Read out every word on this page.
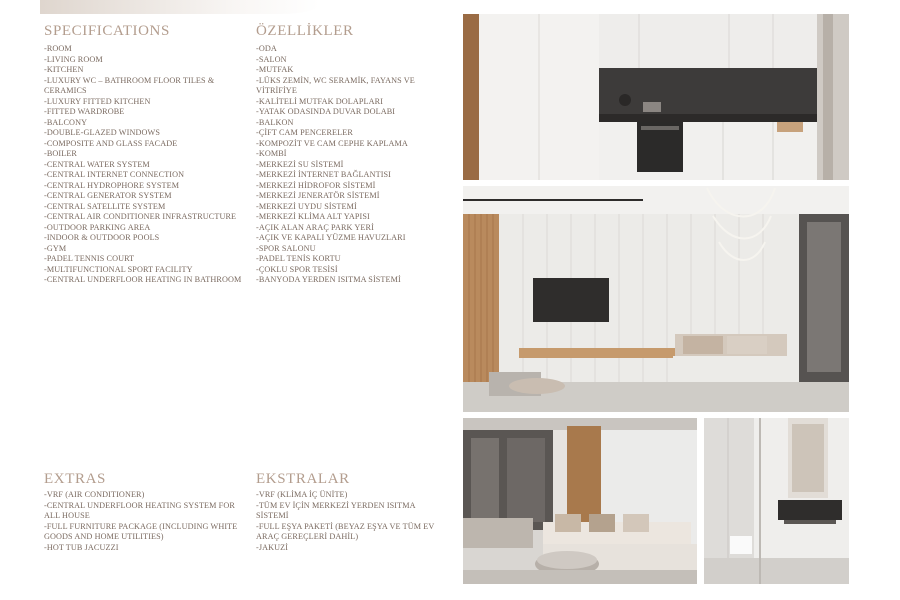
SPECIFICATIONS
-ROOM
-LIVING ROOM
-KITCHEN
-LUXURY WC – BATHROOM FLOOR TILES & CERAMICS
-LUXURY FITTED KITCHEN
-FITTED WARDROBE
-BALCONY
-DOUBLE-GLAZED WINDOWS
-COMPOSITE AND GLASS FACADE
-BOILER
-CENTRAL WATER SYSTEM
-CENTRAL INTERNET CONNECTION
-CENTRAL HYDROPHORE SYSTEM
-CENTRAL GENERATOR SYSTEM
-CENTRAL SATELLITE SYSTEM
-CENTRAL AIR CONDITIONER INFRASTRUCTURE
-OUTDOOR PARKING AREA
-INDOOR & OUTDOOR POOLS
-GYM
-PADEL TENNIS COURT
-MULTIFUNCTIONAL SPORT FACILITY
-CENTRAL UNDERFLOOR HEATING IN BATHROOM
ÖZELLİKLER
-ODA
-SALON
-MUTFAK
-LÜKS ZEMİN, WC SERAMİK, FAYANS VE VİTRİFİYE
-KALİTELİ MUTFAK DOLAPLARI
-YATAK ODASINDA DUVAR DOLABI
-BALKON
-ÇİFT CAM PENCERELER
-KOMPOZİT VE CAM CEPHE KAPLAMA
-KOMBİ
-MERKEZİ SU SİSTEMİ
-MERKEZİ İNTERNET BAĞLANTISI
-MERKEZİ HİDROFOR SİSTEMİ
-MERKEZİ JENERATÖR SİSTEMİ
-MERKEZİ UYDU SİSTEMİ
-MERKEZİ KLİMA ALT YAPISI
-AÇIK ALAN ARAÇ PARK YERİ
-AÇIK VE KAPALI YÜZME HAVUZLARI
-SPOR SALONU
-PADEL TENİS KORTU
-ÇOKLU SPOR TESİSİ
-BANYODA YERDEN ISITMA SİSTEMİ
EXTRAS
-VRF (AIR CONDITIONER)
-CENTRAL UNDERFLOOR HEATING SYSTEM FOR ALL HOUSE
-FULL FURNITURE PACKAGE (INCLUDING WHITE GOODS AND HOME UTILITIES)
-HOT TUB JACUZZI
EKSTRALAR
-VRF (KLİMA İÇ ÜNİTE)
-TÜM EV İÇİN MERKEZİ YERDEN ISITMA SİSTEMİ
-FULL EŞYA PAKETİ (BEYAZ EŞYA VE TÜM EV ARAÇ GEREÇLERİ DAHİL)
-JAKUZİ
